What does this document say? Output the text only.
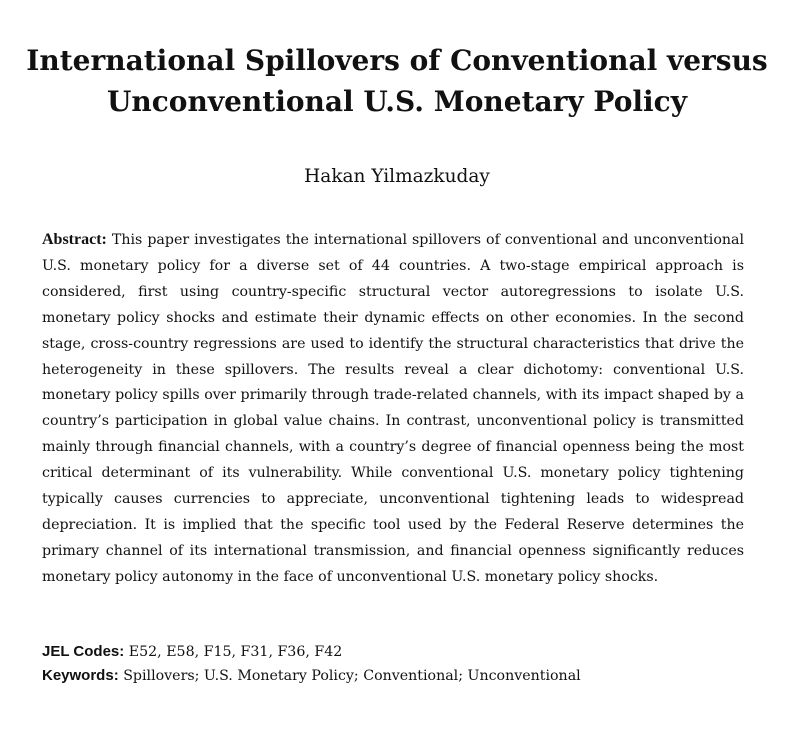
International Spillovers of Conventional versus
Unconventional U.S. Monetary Policy

Hakan Yilmazkuday

Abstract: This paper investigates the international spillovers of conventional and unconventional U.S. monetary policy for a diverse set of 44 countries. A two-stage empirical approach is considered, first using country-specific structural vector autoregressions to isolate U.S. monetary policy shocks and estimate their dynamic effects on other economies. In the second stage, cross-country regressions are used to identify the structural characteristics that drive the heterogeneity in these spillovers. The results reveal a clear dichotomy: conventional U.S. monetary policy spills over primarily through trade-related channels, with its impact shaped by a country’s participation in global value chains. In contrast, unconventional policy is transmitted mainly through financial channels, with a country’s degree of financial openness being the most critical determinant of its vulnerability. While conventional U.S. monetary policy tightening typically causes currencies to appreciate, unconventional tightening leads to widespread depreciation. It is implied that the specific tool used by the Federal Reserve determines the primary channel of its international transmission, and financial openness significantly reduces monetary policy autonomy in the face of unconventional U.S. monetary policy shocks.

JEL Codes: E52, E58, F15, F31, F36, F42

Keywords: Spillovers; U.S. Monetary Policy; Conventional; Unconventional
